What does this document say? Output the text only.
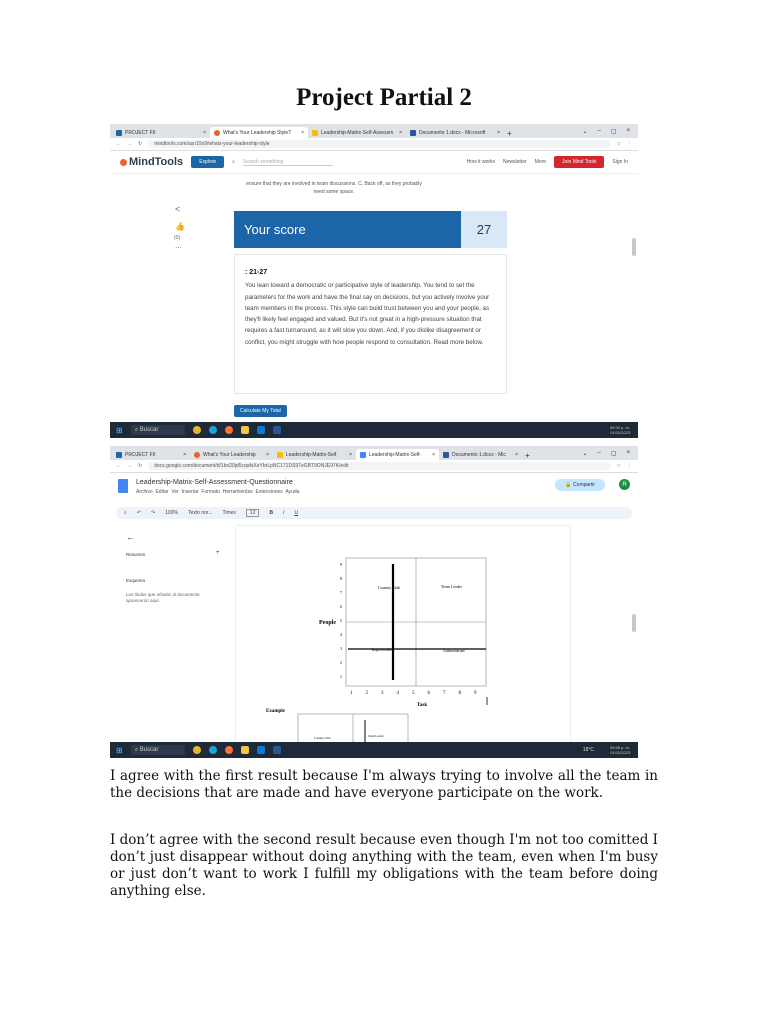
Project Partial 2
PROJECT FII	×	What's Your Leadership Style? ×	Leadership-Matrix-Self-Assessm ×	Documento 1.docx - Microsoft × +	⌄ – ▢ ×
← → ↻	mindtools.com/asn10o9/whats-your-leadership-style	☆ ⋮
MindTools	Explore	⌕ Search something	How it works Newsletter More	Join Mind Tools	Sign In
ensure that they are involved in team discussions. C. Back off, as they probably need some space.
<
👍
(0)
⋯
Your score	27
: 21-27
You lean toward a democratic or participative style of leadership. You tend to set the parameters for the work and have the final say on decisions, but you actively involve your team members in the process. This style can build trust between you and your people, as they'll likely feel engaged and valued. But it's not great in a high-pressure situation that requires a fast turnaround, as it will slow you down. And, if you dislike disagreement or conflict, you might struggle with how people respond to consultation. Read more below.
Calculate My Total
⊞	⌕ Buscar	09:32 p. m.
01/11/2023
PROJECT FII	×	What's Your Leadership ×	Leadership-Matrix-Self	×	Leadership-Matrix-Self- ×	Documento 1.docx - Mic × +	⌄ – ▢ ×
← → ↻	docs.google.com/document/d/1bo20jd5cqafsXeYbrLpNC171DS97eGBT9ONJE97K/edit	☆ ⋮
Leadership-Matrix-Self-Assessment-Questionnaire
Archivo Editar Ver Insertar Formato Herramientas Extensiones Ayuda
🔒 Compartir	R
⌕ ↶ ↷ 100% Texto nor... Times	12	B I U
←
Resumen	+
Esquema
Los títulos que añadas al documento aparecerán aquí.
People
Task
Country Club	Team Leader
Impoverished	Authoritarian
1	2	3	4	5	6	7	8	9
9
8
7
6
5
4
3
2
1
Example
Country Club	Team Leader
⊞	⌕ Buscar	18°C	09:45 p. m.
01/11/2023

I agree with the first result because I'm always trying to involve all the team in the decisions that are made and have everyone participate on the work.

I don’t agree with the second result because even though I'm not too comitted I don’t just disappear without doing anything with the team, even when I'm busy or just don’t want to work I fulfill my obligations with the team before doing anything else.
